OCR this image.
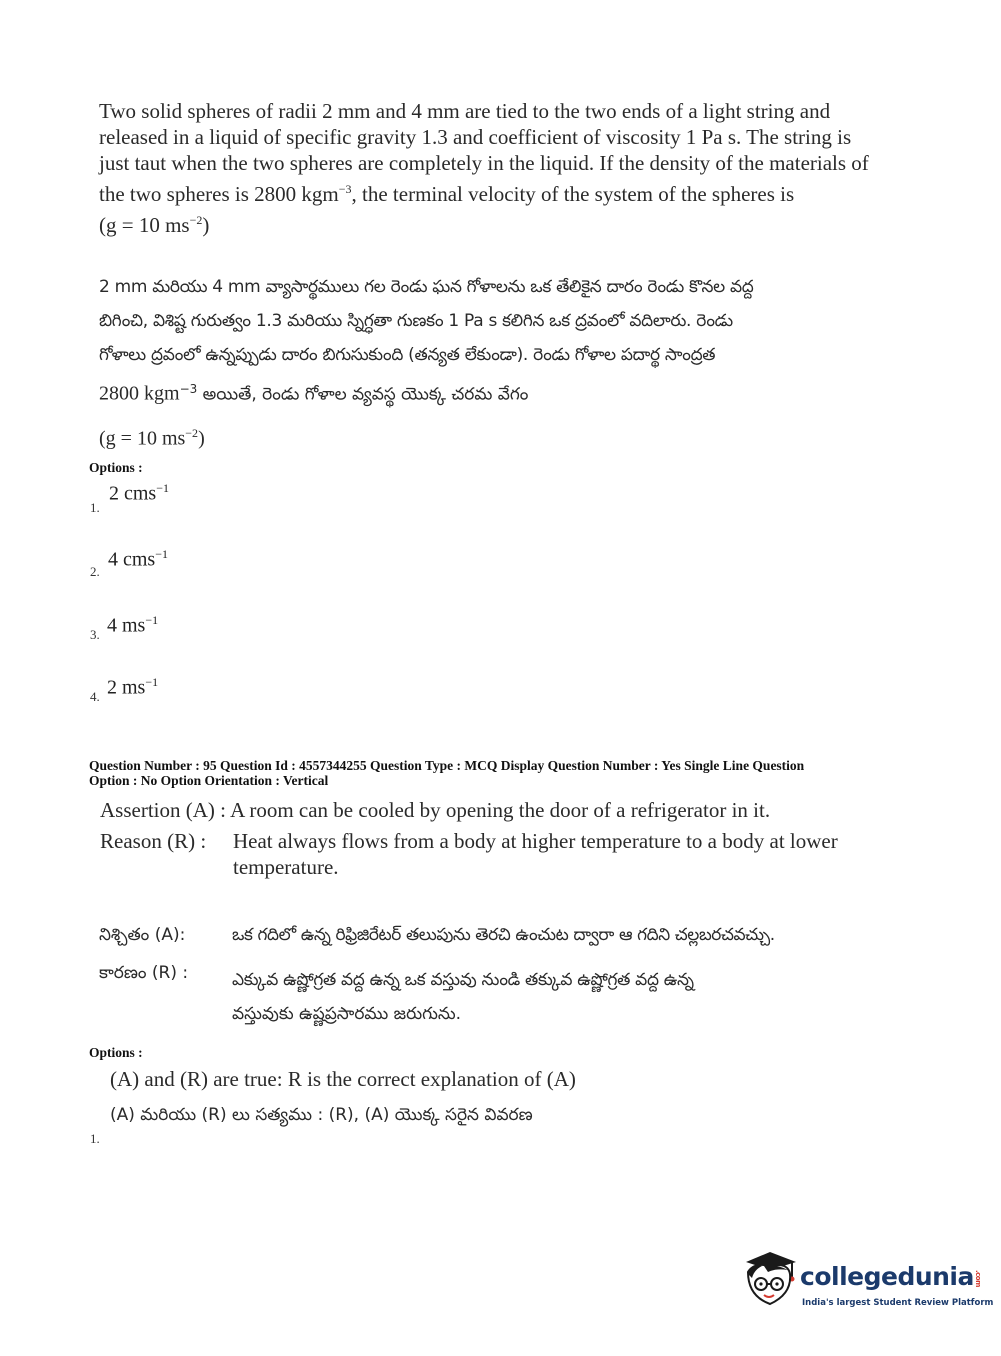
Two solid spheres of radii 2 mm and 4 mm are tied to the two ends of a light string and
released in a liquid of specific gravity 1.3 and coefficient of viscosity 1 Pa s. The string is
just taut when the two spheres are completely in the liquid. If the density of the materials of
the two spheres is 2800 kgm$^{-3}$, the terminal velocity of the system of the spheres is
(g = 10 $ms^{-2}$)
2 mm మరియు 4 mm వ్యాసార్థములు గల రెండు ఘన గోళాలను ఒక తేలికైన దారం రెండు కొనల వద్ద
బిగించి, విశిష్ట గురుత్వం 1.3 మరియు స్నిగ్ధతా గుణకం 1 Pa s కలిగిన ఒక ద్రవంలో వదిలారు. రెండు
గోళాలు ద్రవంలో ఉన్నప్పుడు దారం బిగుసుకుంది (తన్యత లేకుండా). రెండు గోళాల పదార్థ సాంద్రత
2800 kgm$^{-3}$ అయితే, రెండు గోళాల వ్యవస్థ యొక్క చరమ వేగం
(g = 10 $ms^{-2}$)
Options :
1.
2 cms$^{-1}$
2.
4 cms$^{-1}$
3. 4 $ms^{-1}$
4. 2 $ms^{-1}$
Question Number : 95 Question Id : 4557344255 Question Type : MCQ Display Question Number : Yes Single Line Question
Option : No Option Orientation : Vertical
Assertion (A) : A room can be cooled by opening the door of a refrigerator in it.
Reason (R) : Heat always flows from a body at higher temperature to a body at lower
temperature.
నిశ్చితం (A):	ఒక గదిలో ఉన్న రిఫ్రిజిరేటర్ తలుపును తెరచి ఉంచుట ద్వారా ఆ గదిని చల్లబరచవచ్చు.
కారణం (R) :	ఎక్కువ ఉష్ణోగ్రత వద్ద ఉన్న ఒక వస్తువు నుండి తక్కువ ఉష్ణోగ్రత వద్ద ఉన్న
వస్తువుకు ఉష్ణప్రసారము జరుగును.
Options :
(A) and (R) are true: R is the correct explanation of (A)
(A) మరియు (R) లు సత్యము : (R), (A) యొక్క సరైన వివరణ
1.
collegedunia.com
India's largest Student Review Platform
